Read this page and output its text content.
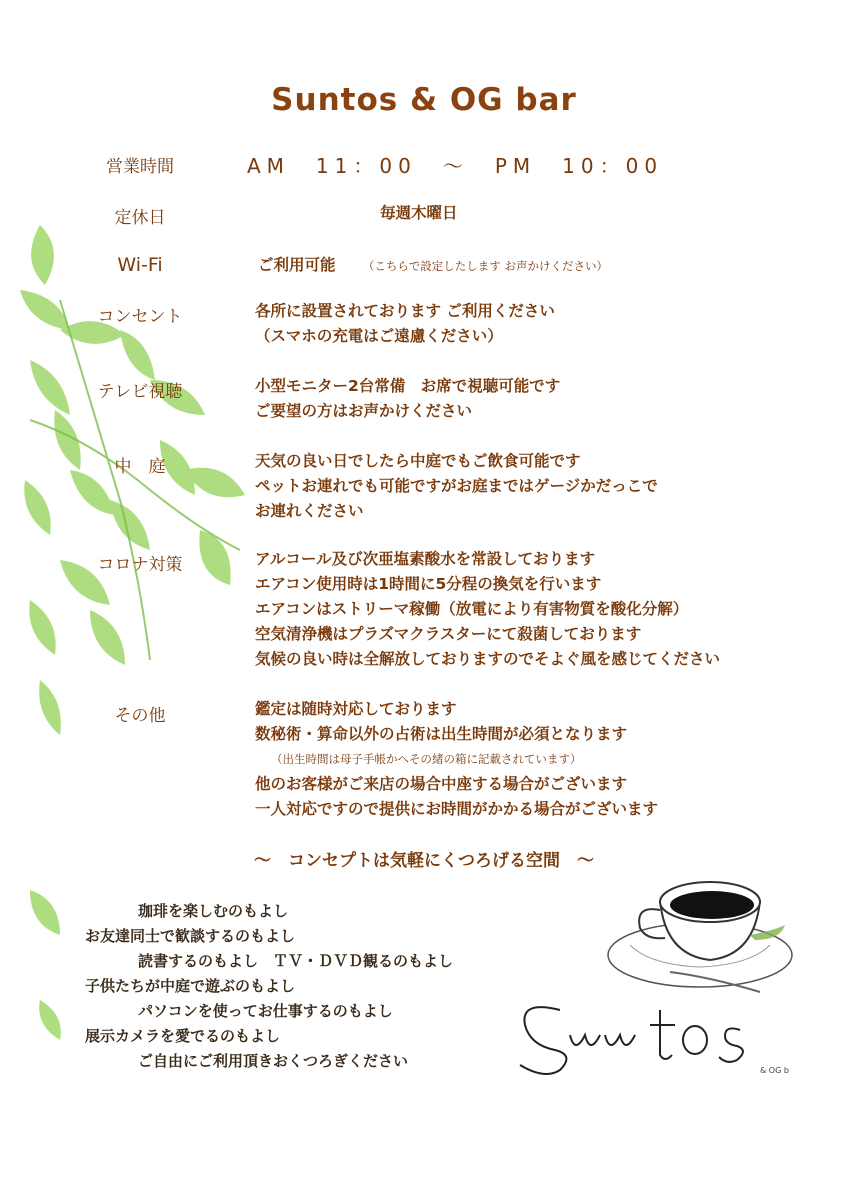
Suntos & OG bar
営業時間	AM　11：00　～　PM　10：00
定休日	毎週木曜日
Wi-Fi	ご利用可能 （こちらで設定したします お声かけください）
コンセント	各所に設置されております ご利用ください
（スマホの充電はご遠慮ください）
テレビ視聴	小型モニター2台常備　お席で視聴可能です
ご要望の方はお声かけください
中　庭	天気の良い日でしたら中庭でもご飲食可能です
ペットお連れでも可能ですがお庭まではゲージかだっこで
お連れください
コロナ対策	アルコール及び次亜塩素酸水を常設しております
エアコン使用時は1時間に5分程の換気を行います
エアコンはストリーマ稼働（放電により有害物質を酸化分解）
空気清浄機はプラズマクラスターにて殺菌しております
気候の良い時は全解放しておりますのでそよぐ風を感じてください
その他	鑑定は随時対応しております
数秘術・算命以外の占術は出生時間が必須となります
（出生時間は母子手帳かへその緒の箱に記載されています）
他のお客様がご来店の場合中座する場合がございます
一人対応ですので提供にお時間がかかる場合がございます
～　コンセプトは気軽にくつろげる空間　～
珈琲を楽しむのもよし
お友達同士で歓談するのもよし
読書するのもよし　ＴＶ・ＤＶＤ観るのもよし
子供たちが中庭で遊ぶのもよし
パソコンを使ってお仕事するのもよし
展示カメラを愛でるのもよし
ご自由にご利用頂きおくつろぎください
& OG b
